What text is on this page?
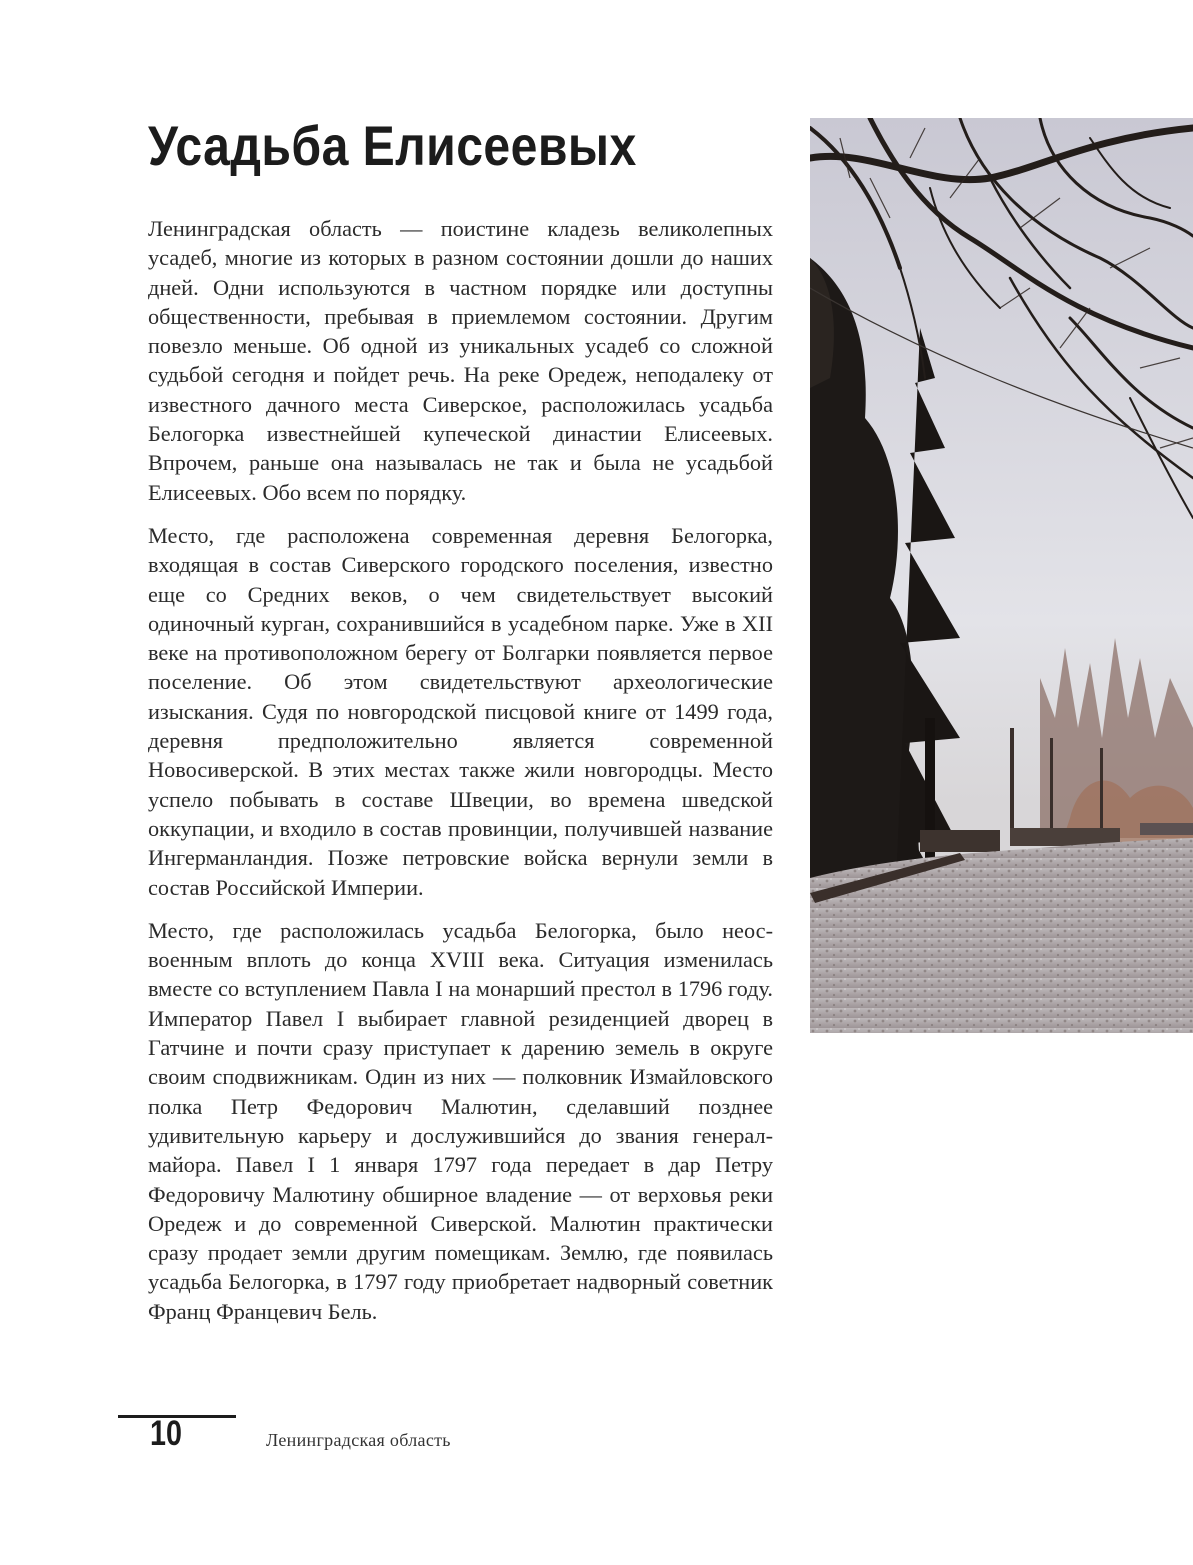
Усадьба Елисеевых

Ленинградская область — поистине кладезь великолепных усадеб, многие из которых в разном состоянии дошли до наших дней. Одни используются в частном порядке или доступны общественности, пребывая в приемлемом состоянии. Другим повезло меньше. Об одной из уникальных усадеб со сложной судьбой сегодня и пойдет речь. На реке Оредеж, неподалеку от известного дачного места Сиверское, расположилась усадьба Белогорка известнейшей купеческой династии Елисеевых. Впрочем, раньше она называлась не так и была не усадьбой Елисеевых. Обо всем по порядку.

Место, где расположена современная деревня Белогорка, входящая в состав Сиверского городского поселения, известно еще со Средних веков, о чем свидетельствует высокий одиночный курган, сохранившийся в усадебном парке. Уже в XII веке на противоположном берегу от Болгарки появляется первое поселение. Об этом свидетельствуют археологические изыскания. Судя по новгородской писцовой книге от 1499 года, деревня предположительно является современной Новосиверской. В этих местах также жили новгородцы. Место успело побывать в составе Швеции, во времена шведской оккупации, и входило в состав провинции, получившей название Ингерманландия. Позже петровские войска вернули земли в состав Российской Империи.

Место, где расположилась усадьба Белогорка, было неосвоенным вплоть до конца XVIII века. Ситуация изменилась вместе со вступлением Павла I на монарший престол в 1796 году. Император Павел I выбирает главной резиденцией дворец в Гатчине и почти сразу приступает к дарению земель в округе своим сподвижникам. Один из них — полковник Измайловского полка Петр Федорович Малютин, сделавший позднее удивительную карьеру и дослужившийся до звания генерал-майора. Павел I 1 января 1797 года передает в дар Петру Федоровичу Малютину обширное владение — от верховья реки Оредеж и до современной Сиверской. Малютин практически сразу продает земли другим помещикам. Землю, где появилась усадьба Белогорка, в 1797 году приобретает надворный советник Франц Францевич Бель.

10	Ленинградская область
